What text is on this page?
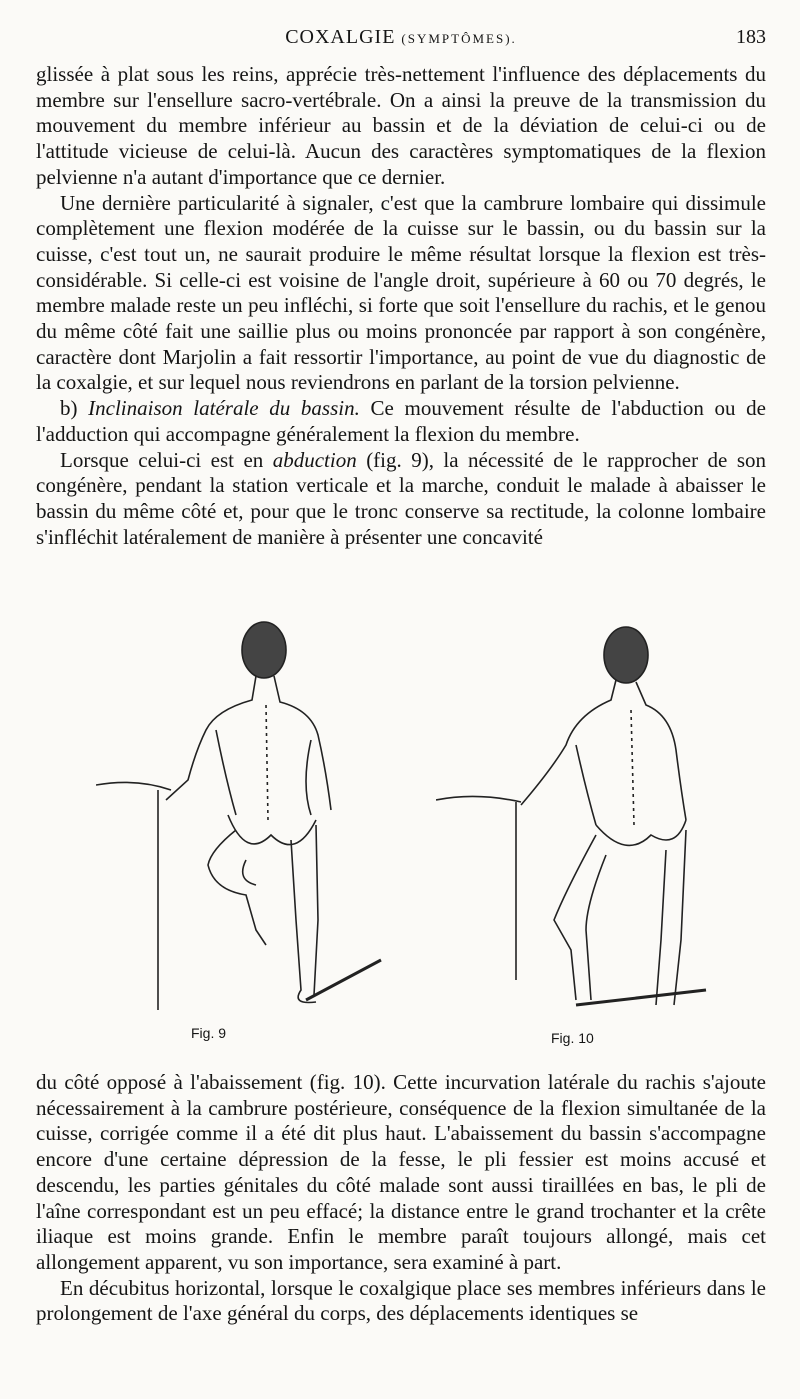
COXALGIE (SYMPTÔMES).	183

glissée à plat sous les reins, apprécie très-nettement l'influence des déplacements du membre sur l'ensellure sacro-vertébrale. On a ainsi la preuve de la transmission du mouvement du membre inférieur au bassin et de la déviation de celui-ci ou de l'attitude vicieuse de celui-là. Aucun des caractères symptomatiques de la flexion pelvienne n'a autant d'importance que ce dernier.

Une dernière particularité à signaler, c'est que la cambrure lombaire qui dissimule complètement une flexion modérée de la cuisse sur le bassin, ou du bassin sur la cuisse, c'est tout un, ne saurait produire le même résultat lorsque la flexion est très-considérable. Si celle-ci est voisine de l'angle droit, supérieure à 60 ou 70 degrés, le membre malade reste un peu infléchi, si forte que soit l'ensellure du rachis, et le genou du même côté fait une saillie plus ou moins prononcée par rapport à son congénère, caractère dont Marjolin a fait ressortir l'importance, au point de vue du diagnostic de la coxalgie, et sur lequel nous reviendrons en parlant de la torsion pelvienne.

b) Inclinaison latérale du bassin. Ce mouvement résulte de l'abduction ou de l'adduction qui accompagne généralement la flexion du membre.

Lorsque celui-ci est en abduction (fig. 9), la nécessité de le rapprocher de son congénère, pendant la station verticale et la marche, conduit le malade à abaisser le bassin du même côté et, pour que le tronc conserve sa rectitude, la colonne lombaire s'infléchit latéralement de manière à présenter une concavité

Fig. 9	Fig. 10

du côté opposé à l'abaissement (fig. 10). Cette incurvation latérale du rachis s'ajoute nécessairement à la cambrure postérieure, conséquence de la flexion simultanée de la cuisse, corrigée comme il a été dit plus haut. L'abaissement du bassin s'accompagne encore d'une certaine dépression de la fesse, le pli fessier est moins accusé et descendu, les parties génitales du côté malade sont aussi tiraillées en bas, le pli de l'aîne correspondant est un peu effacé; la distance entre le grand trochanter et la crête iliaque est moins grande. Enfin le membre paraît toujours allongé, mais cet allongement apparent, vu son importance, sera examiné à part.

En décubitus horizontal, lorsque le coxalgique place ses membres inférieurs dans le prolongement de l'axe général du corps, des déplacements identiques se
